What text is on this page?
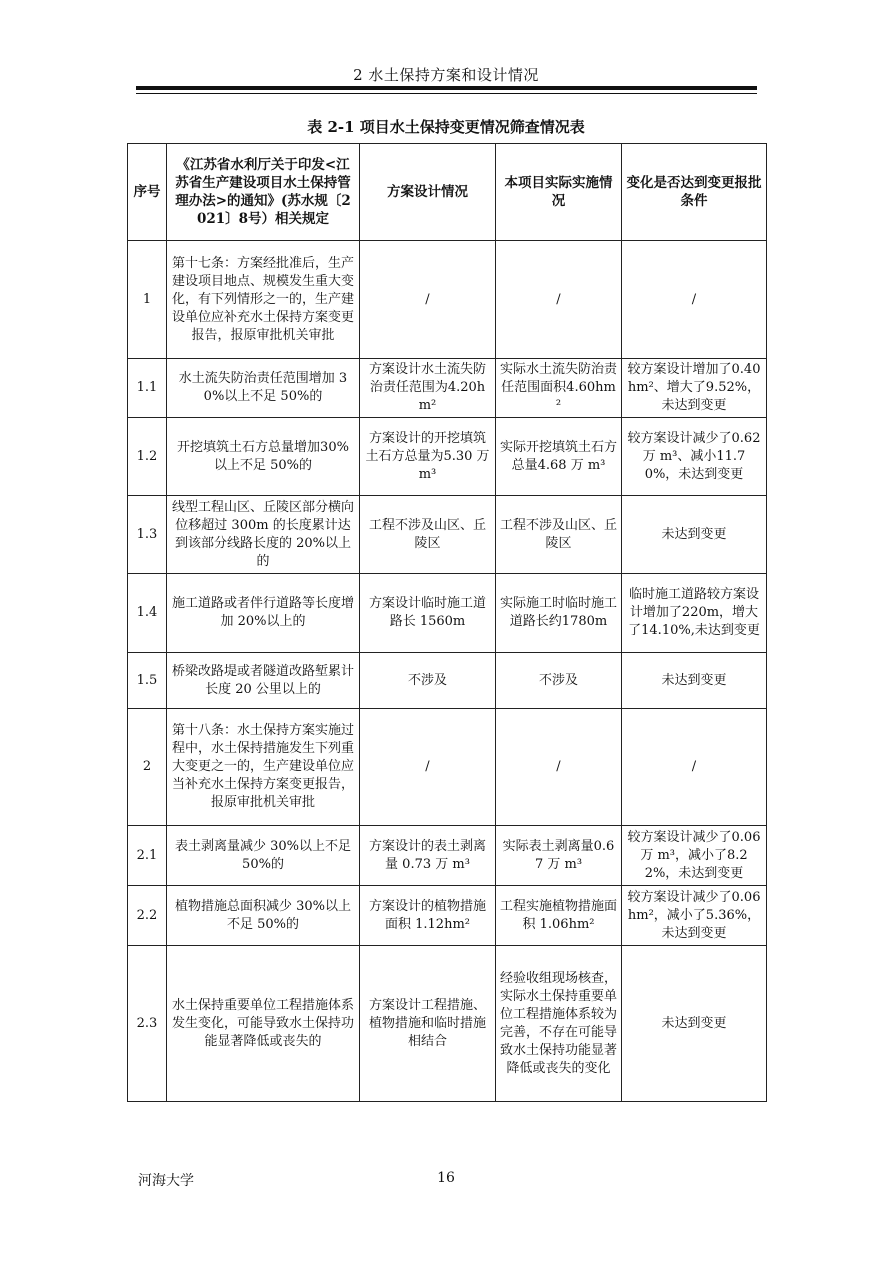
2 水土保持方案和设计情况
表 2-1 项目水土保持变更情况筛查情况表
序号	《江苏省水利厅关于印发<江苏省生产建设项目水土保持管理办法>的通知》(苏水规〔2021〕8号）相关规定	方案设计情况	本项目实际实施情况	变化是否达到变更报批条件
1	第十七条：方案经批准后，生产建设项目地点、规模发生重大变化，有下列情形之一的，生产建设单位应补充水土保持方案变更报告，报原审批机关审批	/	/	/
1.1	水土流失防治责任范围增加 30%以上不足 50%的	方案设计水土流失防治责任范围为4.20hm²	实际水土流失防治责任范围面积4.60hm²	较方案设计增加了0.40hm²、增大了9.52%，未达到变更
1.2	开挖填筑土石方总量增加30%以上不足 50%的	方案设计的开挖填筑土石方总量为5.30 万 m³	实际开挖填筑土石方总量4.68 万 m³	较方案设计减少了0.62 万 m³、减小11.70%，未达到变更
1.3	线型工程山区、丘陵区部分横向位移超过 300m 的长度累计达到该部分线路长度的 20%以上的	工程不涉及山区、丘陵区	工程不涉及山区、丘陵区	未达到变更
1.4	施工道路或者伴行道路等长度增加 20%以上的	方案设计临时施工道路长 1560m	实际施工时临时施工道路长约1780m	临时施工道路较方案设计增加了220m，增大了14.10%,未达到变更
1.5	桥梁改路堤或者隧道改路堑累计长度 20 公里以上的	不涉及	不涉及	未达到变更
2	第十八条：水土保持方案实施过程中，水土保持措施发生下列重大变更之一的，生产建设单位应当补充水土保持方案变更报告，报原审批机关审批	/	/	/
2.1	表土剥离量减少 30%以上不足 50%的	方案设计的表土剥离量 0.73 万 m³	实际表土剥离量0.67 万 m³	较方案设计减少了0.06 万 m³，减小了8.22%，未达到变更
2.2	植物措施总面积减少 30%以上不足 50%的	方案设计的植物措施面积 1.12hm²	工程实施植物措施面积 1.06hm²	较方案设计减少了0.06hm²，减小了5.36%，未达到变更
2.3	水土保持重要单位工程措施体系发生变化，可能导致水土保持功能显著降低或丧失的	方案设计工程措施、植物措施和临时措施相结合	经验收组现场核查，实际水土保持重要单位工程措施体系较为完善，不存在可能导致水土保持功能显著降低或丧失的变化	未达到变更
河海大学	16
